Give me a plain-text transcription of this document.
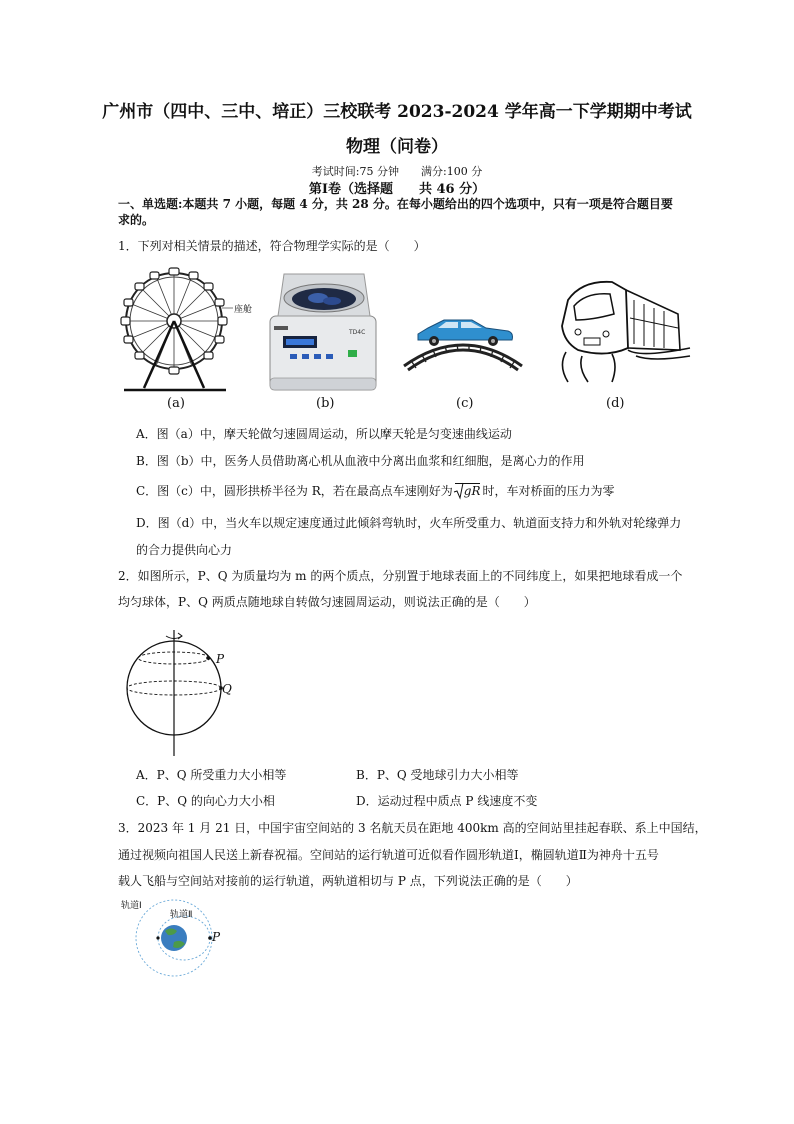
广州市（四中、三中、培正）三校联考 2023-2024 学年高一下学期期中考试
物理（问卷）
考试时间:75 分钟　　满分:100 分
第Ⅰ卷（选择题　　共 46 分）
一、单选题:本题共 7 小题，每题 4 分，共 28 分。在每小题给出的四个选项中，只有一项是符合题目要求的。
1．下列对相关情景的描述，符合物理学实际的是（　　）
座舱
TD4C
(a)	(b)	(c)	(d)
A．图（a）中，摩天轮做匀速圆周运动，所以摩天轮是匀变速曲线运动
B．图（b）中，医务人员借助离心机从血液中分离出血浆和红细胞，是离心力的作用
C．图（c）中，圆形拱桥半径为 R，若在最高点车速刚好为 gR 时，车对桥面的压力为零
D．图（d）中，当火车以规定速度通过此倾斜弯轨时，火车所受重力、轨道面支持力和外轨对轮缘弹力
的合力提供向心力
2．如图所示，P、Q 为质量均为 m 的两个质点，分别置于地球表面上的不同纬度上，如果把地球看成一个
均匀球体，P、Q 两质点随地球自转做匀速圆周运动，则说法正确的是（　　）
P
Q
A．P、Q 所受重力大小相等	B．P、Q 受地球引力大小相等
C．P、Q 的向心力大小相	D．运动过程中质点 P 线速度不变
3．2023 年 1 月 21 日，中国宇宙空间站的 3 名航天员在距地 400km 高的空间站里挂起春联、系上中国结，
通过视频向祖国人民送上新春祝福。空间站的运行轨道可近似看作圆形轨道Ⅰ，椭圆轨道Ⅱ为神舟十五号
载人飞船与空间站对接前的运行轨道，两轨道相切与 P 点，下列说法正确的是（　　）
轨道Ⅰ
轨道Ⅱ
P
